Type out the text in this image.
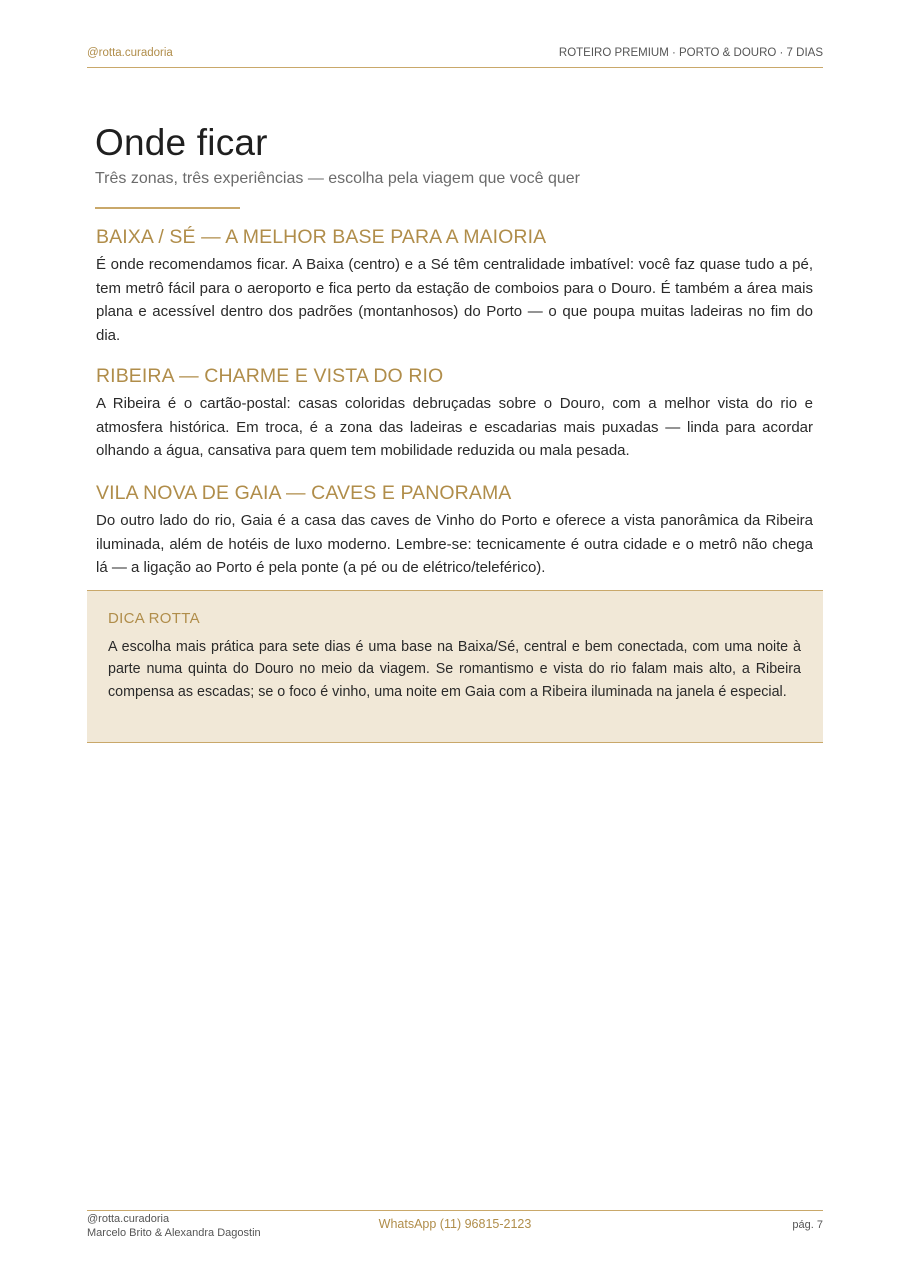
@rotta.curadoria	ROTEIRO PREMIUM · PORTO & DOURO · 7 DIAS
Onde ficar
Três zonas, três experiências — escolha pela viagem que você quer
BAIXA / SÉ — A MELHOR BASE PARA A MAIORIA

É onde recomendamos ficar. A Baixa (centro) e a Sé têm centralidade imbatível: você faz quase tudo a pé, tem metrô fácil para o aeroporto e fica perto da estação de comboios para o Douro. É também a área mais plana e acessível dentro dos padrões (montanhosos) do Porto — o que poupa muitas ladeiras no fim do dia.

RIBEIRA — CHARME E VISTA DO RIO

A Ribeira é o cartão-postal: casas coloridas debruçadas sobre o Douro, com a melhor vista do rio e atmosfera histórica. Em troca, é a zona das ladeiras e escadarias mais puxadas — linda para acordar olhando a água, cansativa para quem tem mobilidade reduzida ou mala pesada.

VILA NOVA DE GAIA — CAVES E PANORAMA

Do outro lado do rio, Gaia é a casa das caves de Vinho do Porto e oferece a vista panorâmica da Ribeira iluminada, além de hotéis de luxo moderno. Lembre-se: tecnicamente é outra cidade e o metrô não chega lá — a ligação ao Porto é pela ponte (a pé ou de elétrico/teleférico).

DICA ROTTA

A escolha mais prática para sete dias é uma base na Baixa/Sé, central e bem conectada, com uma noite à parte numa quinta do Douro no meio da viagem. Se romantismo e vista do rio falam mais alto, a Ribeira compensa as escadas; se o foco é vinho, uma noite em Gaia com a Ribeira iluminada na janela é especial.

@rotta.curadoria
Marcelo Brito & Alexandra Dagostin
WhatsApp (11) 96815-2123	pág. 7
